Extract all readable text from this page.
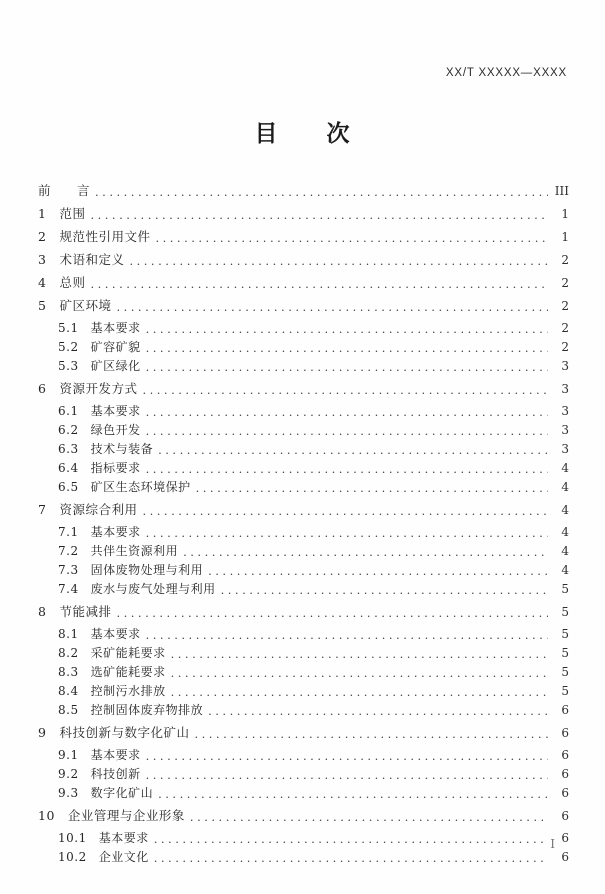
XX/T XXXXX—XXXX
目　　次
前　　言 .....	III
1 范围 .....	1
2 规范性引用文件 .....	1
3 术语和定义 .....	2
4 总则 .....	2
5 矿区环境 .....	2
5.1 基本要求 .....	2
5.2 矿容矿貌 .....	2
5.3 矿区绿化 .....	3
6 资源开发方式 .....	3
6.1 基本要求 .....	3
6.2 绿色开发 .....	3
6.3 技术与装备 .....	3
6.4 指标要求 .....	4
6.5 矿区生态环境保护 .....	4
7 资源综合利用 .....	4
7.1 基本要求 .....	4
7.2 共伴生资源利用 .....	4
7.3 固体废物处理与利用 .....	4
7.4 废水与废气处理与利用 .....	5
8 节能减排 .....	5
8.1 基本要求 .....	5
8.2 采矿能耗要求 .....	5
8.3 选矿能耗要求 .....	5
8.4 控制污水排放 .....	5
8.5 控制固体废弃物排放 .....	6
9 科技创新与数字化矿山 .....	6
9.1 基本要求 .....	6
9.2 科技创新 .....	6
9.3 数字化矿山 .....	6
10 企业管理与企业形象 .....	6
10.1 基本要求 .....	6
10.2 企业文化 .....	6
I
